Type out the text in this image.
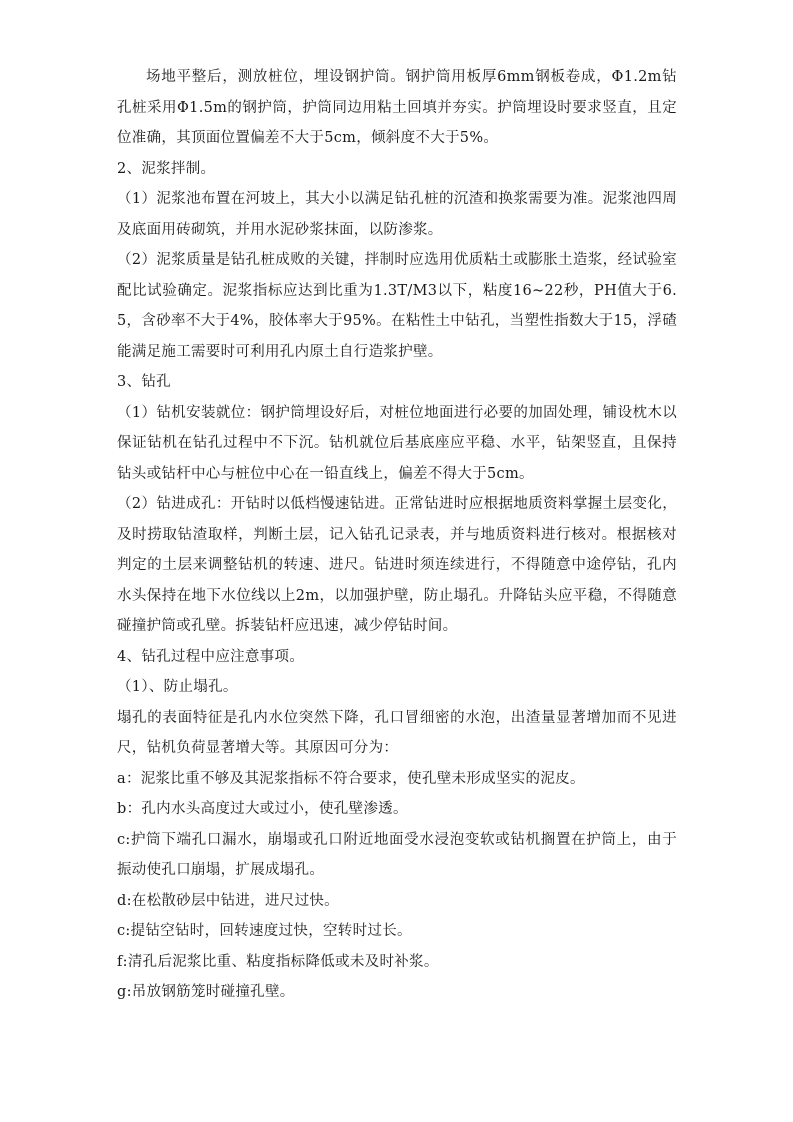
场地平整后，测放桩位，埋设钢护筒。钢护筒用板厚6mm钢板卷成，Φ1.2m钻孔桩采用Φ1.5m的钢护筒，护筒同边用粘土回填并夯实。护筒埋设时要求竖直，且定位准确，其顶面位置偏差不大于5cm，倾斜度不大于5%。

2、泥浆拌制。

（1）泥浆池布置在河坡上，其大小以满足钻孔桩的沉渣和换浆需要为准。泥浆池四周及底面用砖砌筑，并用水泥砂浆抹面，以防渗浆。

（2）泥浆质量是钻孔桩成败的关键，拌制时应选用优质粘土或膨胀土造浆，经试验室配比试验确定。泥浆指标应达到比重为1.3T/M3以下，粘度16~22秒，PH值大于6.5，含砂率不大于4%，胶体率大于95%。在粘性土中钻孔，当塑性指数大于15，浮碴能满足施工需要时可利用孔内原土自行造浆护壁。

3、钻孔

（1）钻机安装就位：钢护筒埋设好后，对桩位地面进行必要的加固处理，铺设枕木以保证钻机在钻孔过程中不下沉。钻机就位后基底座应平稳、水平，钻架竖直，且保持钻头或钻杆中心与桩位中心在一铅直线上，偏差不得大于5cm。

（2）钻进成孔：开钻时以低档慢速钻进。正常钻进时应根据地质资料掌握土层变化，及时捞取钻渣取样，判断土层，记入钻孔记录表，并与地质资料进行核对。根据核对判定的土层来调整钻机的转速、进尺。钻进时须连续进行，不得随意中途停钻，孔内水头保持在地下水位线以上2m，以加强护壁，防止塌孔。升降钻头应平稳，不得随意碰撞护筒或孔壁。拆装钻杆应迅速，减少停钻时间。

4、钻孔过程中应注意事项。

（1）、防止塌孔。

塌孔的表面特征是孔内水位突然下降，孔口冒细密的水泡，出渣量显著增加而不见进尺，钻机负荷显著增大等。其原因可分为：

a：泥浆比重不够及其泥浆指标不符合要求，使孔壁未形成坚实的泥皮。

b：孔内水头高度过大或过小，使孔壁渗透。

c:护筒下端孔口漏水，崩塌或孔口附近地面受水浸泡变软或钻机搁置在护筒上，由于振动使孔口崩塌，扩展成塌孔。

d:在松散砂层中钻进，进尺过快。

c:提钻空钻时，回转速度过快，空转时过长。

f:清孔后泥浆比重、粘度指标降低或未及时补浆。

g:吊放钢筋笼时碰撞孔壁。
